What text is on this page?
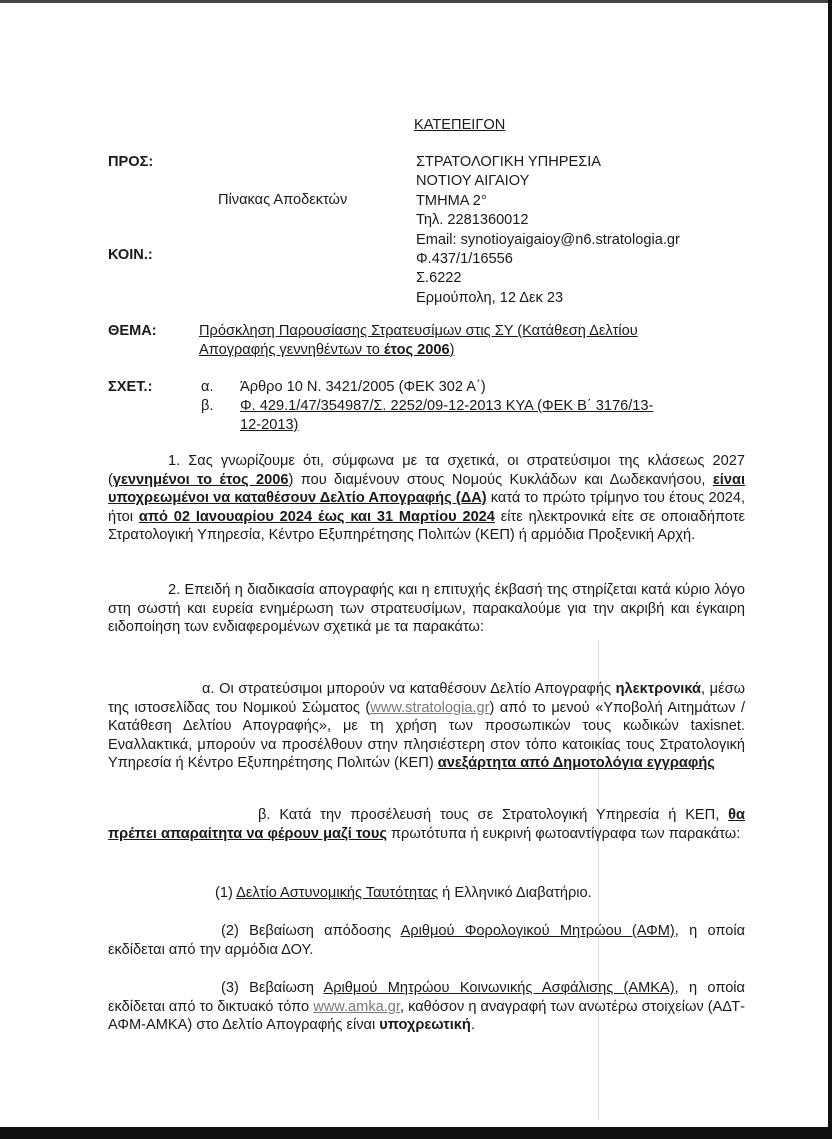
ΚΑΤΕΠΕΙΓΟΝ
ΠΡΟΣ:
Πίνακας Αποδεκτών
ΚΟΙΝ.:
ΣΤΡΑΤΟΛΟΓΙΚΗ ΥΠΗΡΕΣΙΑ
ΝΟΤΙΟΥ ΑΙΓΑΙΟΥ
ΤΜΗΜΑ 2°
Τηλ. 2281360012
Email: synotioyaigaioy@n6.stratologia.gr
Φ.437/1/16556
Σ.6222
Ερμούπολη, 12 Δεκ 23
ΘΕΜΑ:	Πρόσκληση Παρουσίασης Στρατευσίμων στις ΣΥ (Κατάθεση Δελτίου
Απογραφής γεννηθέντων το έτος 2006)
ΣΧΕΤ.:	α. Άρθρο 10 Ν. 3421/2005 (ΦΕΚ 302 Α΄)
β. Φ. 429.1/47/354987/Σ. 2252/09-12-2013 ΚΥΑ (ΦΕΚ Β΄ 3176/13-
12-2013)
1. Σας γνωρίζουμε ότι, σύμφωνα με τα σχετικά, οι στρατεύσιμοι της κλάσεως 2027 (γεννημένοι το έτος 2006) που διαμένουν στους Νομούς Κυκλάδων και Δωδεκανήσου, είναι υποχρεωμένοι να καταθέσουν Δελτίο Απογραφής (ΔΑ) κατά το πρώτο τρίμηνο του έτους 2024, ήτοι από 02 Ιανουαρίου 2024 έως και 31 Μαρτίου 2024 είτε ηλεκτρονικά είτε σε οποιαδήποτε Στρατολογική Υπηρεσία, Κέντρο Εξυπηρέτησης Πολιτών (ΚΕΠ) ή αρμόδια Προξενική Αρχή.
2. Επειδή η διαδικασία απογραφής και η επιτυχής έκβασή της στηρίζεται κατά κύριο λόγο στη σωστή και ευρεία ενημέρωση των στρατευσίμων, παρακαλούμε για την ακριβή και έγκαιρη ειδοποίηση των ενδιαφερομένων σχετικά με τα παρακάτω:
α. Οι στρατεύσιμοι μπορούν να καταθέσουν Δελτίο Απογραφής ηλεκτρονικά, μέσω της ιστοσελίδας του Νομικού Σώματος (www.stratologia.gr) από το μενού «Υποβολή Αιτημάτων / Κατάθεση Δελτίου Απογραφής», με τη χρήση των προσωπικών τους κωδικών taxisnet. Εναλλακτικά, μπορούν να προσέλθουν στην πλησιέστερη στον τόπο κατοικίας τους Στρατολογική Υπηρεσία ή Κέντρο Εξυπηρέτησης Πολιτών (ΚΕΠ) ανεξάρτητα από Δημοτολόγια εγγραφής
β. Κατά την προσέλευσή τους σε Στρατολογική Υπηρεσία ή ΚΕΠ, θα πρέπει απαραίτητα να φέρουν μαζί τους πρωτότυπα ή ευκρινή φωτοαντίγραφα των παρακάτω:
(1) Δελτίο Αστυνομικής Ταυτότητας ή Ελληνικό Διαβατήριο.
(2) Βεβαίωση απόδοσης Αριθμού Φορολογικού Μητρώου (ΑΦΜ), η οποία εκδίδεται από την αρμόδια ΔΟΥ.
(3) Βεβαίωση Αριθμού Μητρώου Κοινωνικής Ασφάλισης (ΑΜΚΑ), η οποία εκδίδεται από το δικτυακό τόπο www.amka.gr, καθόσον η αναγραφή των ανωτέρω στοιχείων (ΑΔΤ-ΑΦΜ-ΑΜΚΑ) στο Δελτίο Απογραφής είναι υποχρεωτική.
